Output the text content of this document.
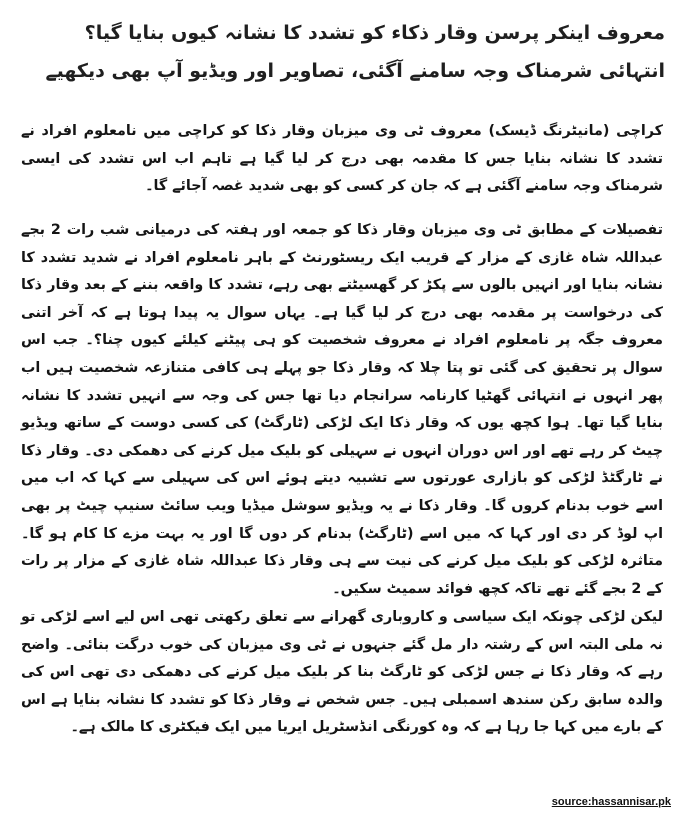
معروف اینکر پرسن وقار ذکاء کو تشدد کا نشانہ کیوں بنایا گیا؟ انتہائی شرمناک وجہ سامنے آگئی، تصاویر اور ویڈیو آپ بھی دیکھیے

کراچی (مانیٹرنگ ڈیسک) معروف ٹی وی میزبان وقار ذکا کو کراچی میں نامعلوم افراد نے تشدد کا نشانہ بنایا جس کا مقدمہ بھی درج کر لیا گیا ہے تاہم اب اس تشدد کی ایسی شرمناک وجہ سامنے آگئی ہے کہ جان کر کسی کو بھی شدید غصہ آجائے گا۔

تفصیلات کے مطابق ٹی وی میزبان وقار ذکا کو جمعہ اور ہفتہ کی درمیانی شب رات 2 بجے عبداللہ شاہ غازی کے مزار کے قریب ایک ریسٹورنٹ کے باہر نامعلوم افراد نے شدید تشدد کا نشانہ بنایا اور انہیں بالوں سے پکڑ کر گھسیٹتے بھی رہے، تشدد کا واقعہ بننے کے بعد وقار ذکا کی درخواست پر مقدمہ بھی درج کر لیا گیا ہے۔ یہاں سوال یہ پیدا ہوتا ہے کہ آخر اتنی معروف جگہ پر نامعلوم افراد نے معروف شخصیت کو ہی پیٹنے کیلئے کیوں چنا؟۔ جب اس سوال پر تحقیق کی گئی تو پتا چلا کہ وقار ذکا جو پہلے ہی کافی متنازعہ شخصیت ہیں اب پھر انہوں نے انتہائی گھٹیا کارنامہ سرانجام دیا تھا جس کی وجہ سے انہیں تشدد کا نشانہ بنایا گیا تھا۔ ہوا کچھ یوں کہ وقار ذکا ایک لڑکی (ٹارگٹ) کی کسی دوست کے ساتھ ویڈیو چیٹ کر رہے تھے اور اس دوران انہوں نے سہیلی کو بلیک میل کرنے کی دھمکی دی۔ وقار ذکا نے ٹارگٹڈ لڑکی کو بازاری عورتوں سے تشبیہ دیتے ہوئے اس کی سہیلی سے کہا کہ اب میں اسے خوب بدنام کروں گا۔ وقار ذکا نے یہ ویڈیو سوشل میڈیا ویب سائٹ سنیپ چیٹ پر بھی اپ لوڈ کر دی اور کہا کہ میں اسے (ٹارگٹ) بدنام کر دوں گا اور یہ بہت مزے کا کام ہو گا۔ متاثرہ لڑکی کو بلیک میل کرنے کی نیت سے ہی وقار ذکا عبداللہ شاہ غازی کے مزار پر رات کے 2 بجے گئے تھے تاکہ کچھ فوائد سمیٹ سکیں۔

لیکن لڑکی چونکہ ایک سیاسی و کاروباری گھرانے سے تعلق رکھتی تھی اس لیے اسے لڑکی تو نہ ملی البتہ اس کے رشتہ دار مل گئے جنہوں نے ٹی وی میزبان کی خوب درگت بنائی۔ واضح رہے کہ وقار ذکا نے جس لڑکی کو ٹارگٹ بنا کر بلیک میل کرنے کی دھمکی دی تھی اس کی والدہ سابق رکن سندھ اسمبلی ہیں۔ جس شخص نے وقار ذکا کو تشدد کا نشانہ بنایا ہے اس کے بارے میں کہا جا رہا ہے کہ وہ کورنگی انڈسٹریل ایریا میں ایک فیکٹری کا مالک ہے۔

source:hassannisar.pk
